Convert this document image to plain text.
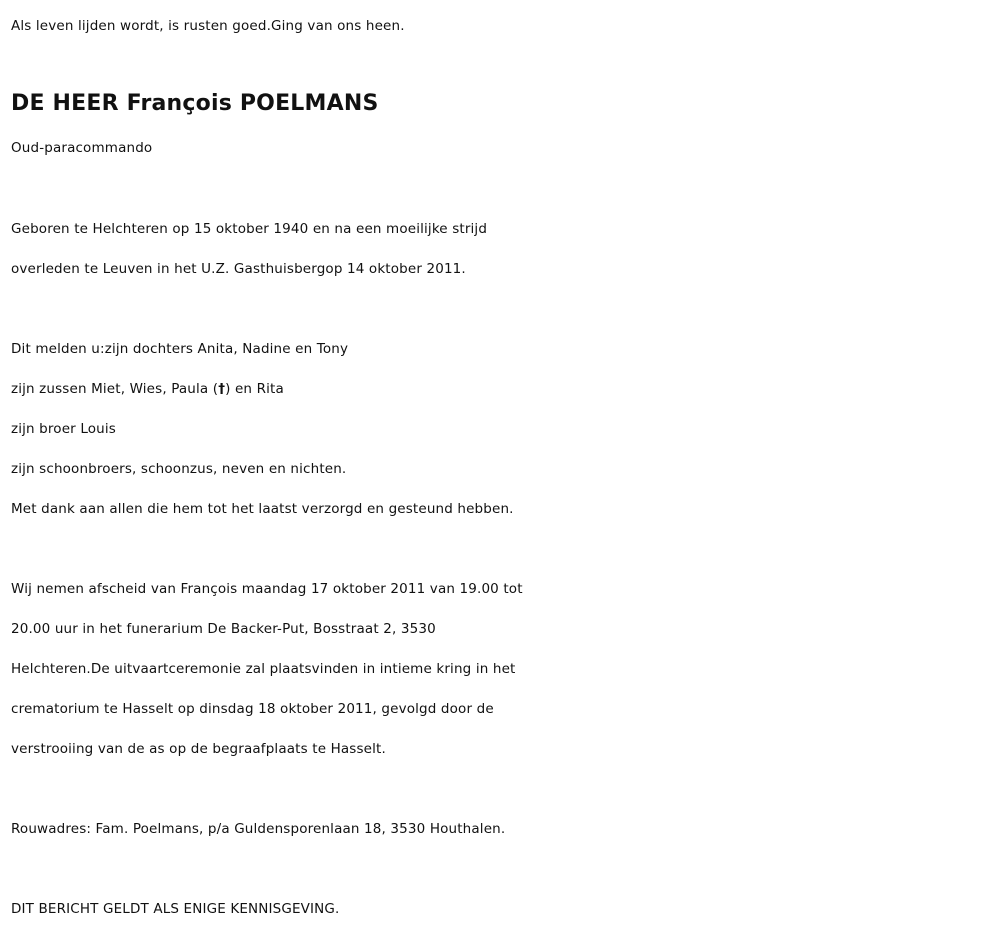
Als leven lijden wordt, is rusten goed.Ging van ons heen.
DE HEER François POELMANS
Oud-paracommando
Geboren te Helchteren op 15 oktober 1940 en na een moeilijke strijd
overleden te Leuven in het U.Z. Gasthuisbergop 14 oktober 2011.
Dit melden u:zijn dochters Anita, Nadine en Tony
zijn zussen Miet, Wies, Paula (†) en Rita
zijn broer Louis
zijn schoonbroers, schoonzus, neven en nichten.
Met dank aan allen die hem tot het laatst verzorgd en gesteund hebben.
Wij nemen afscheid van François maandag 17 oktober 2011 van 19.00 tot
20.00 uur in het funerarium De Backer-Put, Bosstraat 2, 3530
Helchteren.De uitvaartceremonie zal plaatsvinden in intieme kring in het
crematorium te Hasselt op dinsdag 18 oktober 2011, gevolgd door de
verstrooiing van de as op de begraafplaats te Hasselt.
Rouwadres: Fam. Poelmans, p/a Guldensporenlaan 18, 3530 Houthalen.
DIT BERICHT GELDT ALS ENIGE KENNISGEVING.
